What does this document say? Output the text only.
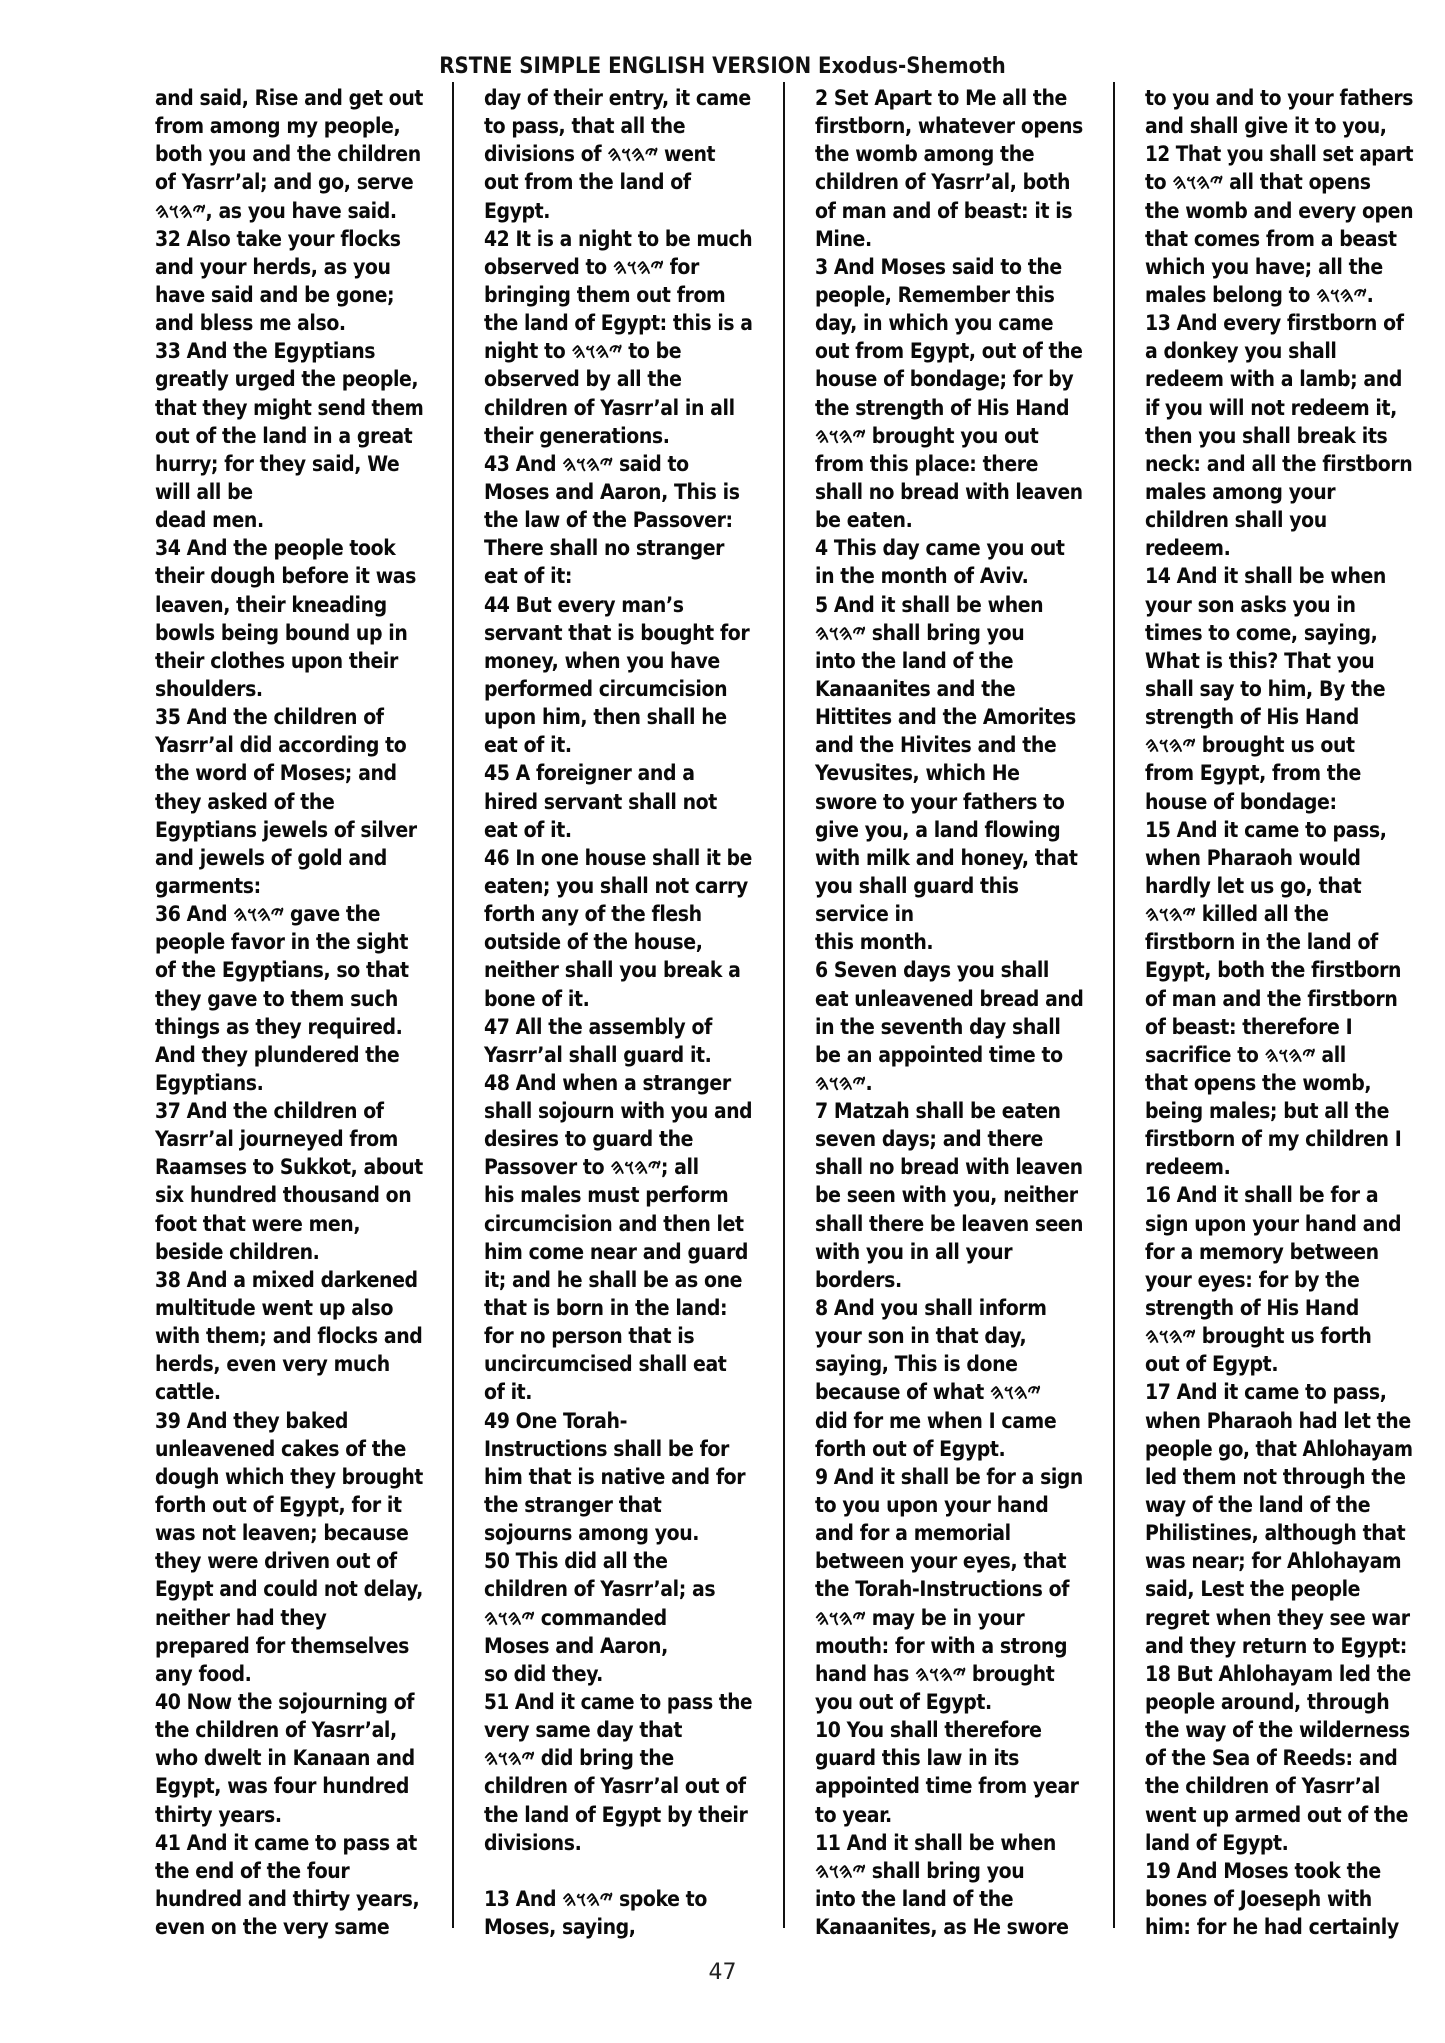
RSTNE SIMPLE ENGLISH VERSION Exodus-Shemoth
and said, Rise and get out
from among my people,
both you and the children
of Yasrr’al; and go, serve
𐤉𐤄𐤅𐤄, as you have said.
32 Also take your flocks
and your herds, as you
have said and be gone;
and bless me also.
33 And the Egyptians
greatly urged the people,
that they might send them
out of the land in a great
hurry; for they said, We
will all be
dead men.
34 And the people took
their dough before it was
leaven, their kneading
bowls being bound up in
their clothes upon their
shoulders.
35 And the children of
Yasrr’al did according to
the word of Moses; and
they asked of the
Egyptians jewels of silver
and jewels of gold and
garments:
36 And 𐤉𐤄𐤅𐤄 gave the
people favor in the sight
of the Egyptians, so that
they gave to them such
things as they required.
And they plundered the
Egyptians.
37 And the children of
Yasrr’al journeyed from
Raamses to Sukkot, about
six hundred thousand on
foot that were men,
beside children.
38 And a mixed darkened
multitude went up also
with them; and flocks and
herds, even very much
cattle.
39 And they baked
unleavened cakes of the
dough which they brought
forth out of Egypt, for it
was not leaven; because
they were driven out of
Egypt and could not delay,
neither had they
prepared for themselves
any food.
40 Now the sojourning of
the children of Yasrr’al,
who dwelt in Kanaan and
Egypt, was four hundred
thirty years.
41 And it came to pass at
the end of the four
hundred and thirty years,
even on the very same
day of their entry, it came
to pass, that all the
divisions of 𐤉𐤄𐤅𐤄 went
out from the land of
Egypt.
42 It is a night to be much
observed to 𐤉𐤄𐤅𐤄 for
bringing them out from
the land of Egypt: this is a
night to 𐤉𐤄𐤅𐤄 to be
observed by all the
children of Yasrr’al in all
their generations.
43 And 𐤉𐤄𐤅𐤄 said to
Moses and Aaron, This is
the law of the Passover:
There shall no stranger
eat of it:
44 But every man’s
servant that is bought for
money, when you have
performed circumcision
upon him, then shall he
eat of it.
45 A foreigner and a
hired servant shall not
eat of it.
46 In one house shall it be
eaten; you shall not carry
forth any of the flesh
outside of the house,
neither shall you break a
bone of it.
47 All the assembly of
Yasrr’al shall guard it.
48 And when a stranger
shall sojourn with you and
desires to guard the
Passover to 𐤉𐤄𐤅𐤄; all
his males must perform
circumcision and then let
him come near and guard
it; and he shall be as one
that is born in the land:
for no person that is
uncircumcised shall eat
of it.
49 One Torah-
Instructions shall be for
him that is native and for
the stranger that
sojourns among you.
50 This did all the
children of Yasrr’al; as
𐤉𐤄𐤅𐤄 commanded
Moses and Aaron,
so did they.
51 And it came to pass the
very same day that
𐤉𐤄𐤅𐤄 did bring the
children of Yasrr’al out of
the land of Egypt by their
divisions.
13 And 𐤉𐤄𐤅𐤄 spoke to
Moses, saying,
2 Set Apart to Me all the
firstborn, whatever opens
the womb among the
children of Yasrr’al, both
of man and of beast: it is
Mine.
3 And Moses said to the
people, Remember this
day, in which you came
out from Egypt, out of the
house of bondage; for by
the strength of His Hand
𐤉𐤄𐤅𐤄 brought you out
from this place: there
shall no bread with leaven
be eaten.
4 This day came you out
in the month of Aviv.
5 And it shall be when
𐤉𐤄𐤅𐤄 shall bring you
into the land of the
Kanaanites and the
Hittites and the Amorites
and the Hivites and the
Yevusites, which He
swore to your fathers to
give you, a land flowing
with milk and honey, that
you shall guard this
service in
this month.
6 Seven days you shall
eat unleavened bread and
in the seventh day shall
be an appointed time to
𐤉𐤄𐤅𐤄.
7 Matzah shall be eaten
seven days; and there
shall no bread with leaven
be seen with you, neither
shall there be leaven seen
with you in all your
borders.
8 And you shall inform
your son in that day,
saying, This is done
because of what 𐤉𐤄𐤅𐤄
did for me when I came
forth out of Egypt.
9 And it shall be for a sign
to you upon your hand
and for a memorial
between your eyes, that
the Torah-Instructions of
𐤉𐤄𐤅𐤄 may be in your
mouth: for with a strong
hand has 𐤉𐤄𐤅𐤄 brought
you out of Egypt.
10 You shall therefore
guard this law in its
appointed time from year
to year.
11 And it shall be when
𐤉𐤄𐤅𐤄 shall bring you
into the land of the
Kanaanites, as He swore
to you and to your fathers
and shall give it to you,
12 That you shall set apart
to 𐤉𐤄𐤅𐤄 all that opens
the womb and every open
that comes from a beast
which you have; all the
males belong to 𐤉𐤄𐤅𐤄.
13 And every firstborn of
a donkey you shall
redeem with a lamb; and
if you will not redeem it,
then you shall break its
neck: and all the firstborn
males among your
children shall you
redeem.
14 And it shall be when
your son asks you in
times to come, saying,
What is this? That you
shall say to him, By the
strength of His Hand
𐤉𐤄𐤅𐤄 brought us out
from Egypt, from the
house of bondage:
15 And it came to pass,
when Pharaoh would
hardly let us go, that
𐤉𐤄𐤅𐤄 killed all the
firstborn in the land of
Egypt, both the firstborn
of man and the firstborn
of beast: therefore I
sacrifice to 𐤉𐤄𐤅𐤄 all
that opens the womb,
being males; but all the
firstborn of my children I
redeem.
16 And it shall be for a
sign upon your hand and
for a memory between
your eyes: for by the
strength of His Hand
𐤉𐤄𐤅𐤄 brought us forth
out of Egypt.
17 And it came to pass,
when Pharaoh had let the
people go, that Ahlohayam
led them not through the
way of the land of the
Philistines, although that
was near; for Ahlohayam
said, Lest the people
regret when they see war
and they return to Egypt:
18 But Ahlohayam led the
people around, through
the way of the wilderness
of the Sea of Reeds: and
the children of Yasrr’al
went up armed out of the
land of Egypt.
19 And Moses took the
bones of Joeseph with
him: for he had certainly
47
